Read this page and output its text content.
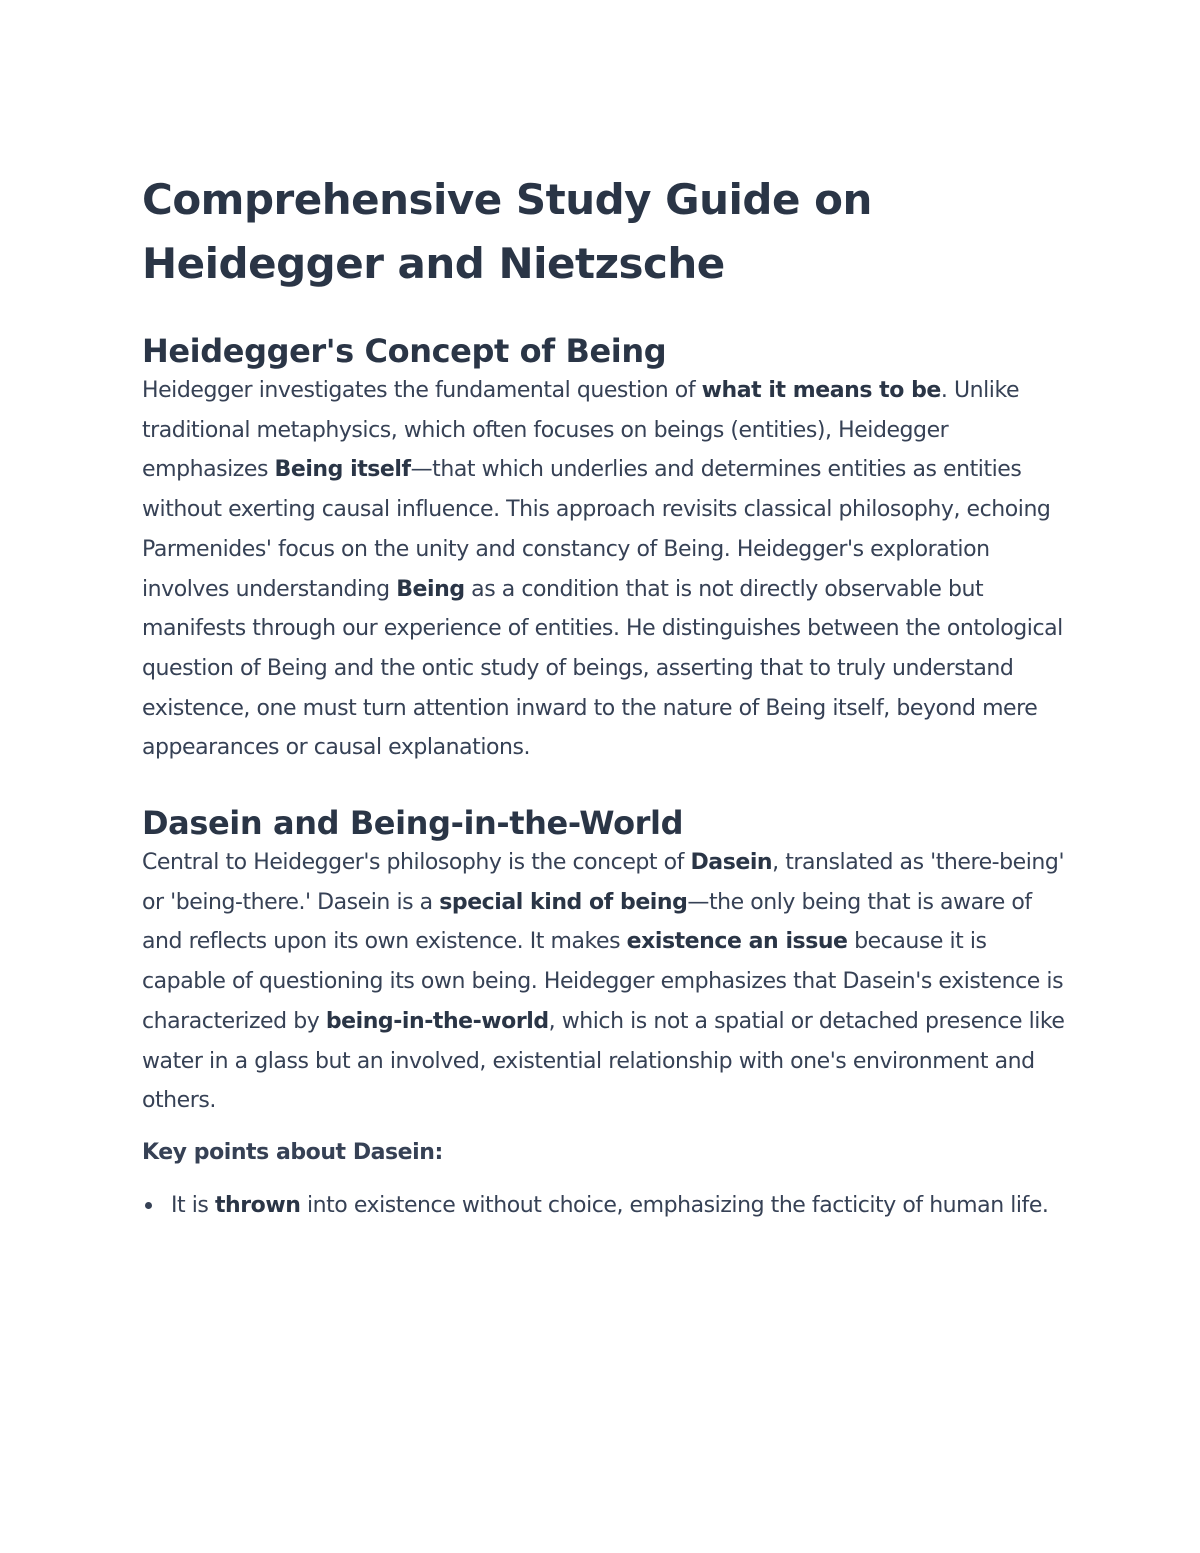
Comprehensive Study Guide on
Heidegger and Nietzsche
Heidegger's Concept of Being

Heidegger investigates the fundamental question of what it means to be. Unlike traditional metaphysics, which often focuses on beings (entities), Heidegger emphasizes Being itself—that which underlies and determines entities as entities without exerting causal influence. This approach revisits classical philosophy, echoing Parmenides' focus on the unity and constancy of Being. Heidegger's exploration involves understanding Being as a condition that is not directly observable but manifests through our experience of entities. He distinguishes between the ontological question of Being and the ontic study of beings, asserting that to truly understand existence, one must turn attention inward to the nature of Being itself, beyond mere appearances or causal explanations.

Dasein and Being-in-the-World

Central to Heidegger's philosophy is the concept of Dasein, translated as 'there-being' or 'being-there.' Dasein is a special kind of being—the only being that is aware of and reflects upon its own existence. It makes existence an issue because it is capable of questioning its own being. Heidegger emphasizes that Dasein's existence is characterized by being-in-the-world, which is not a spatial or detached presence like water in a glass but an involved, existential relationship with one's environment and others.

Key points about Dasein:

It is thrown into existence without choice, emphasizing the facticity of human life.
